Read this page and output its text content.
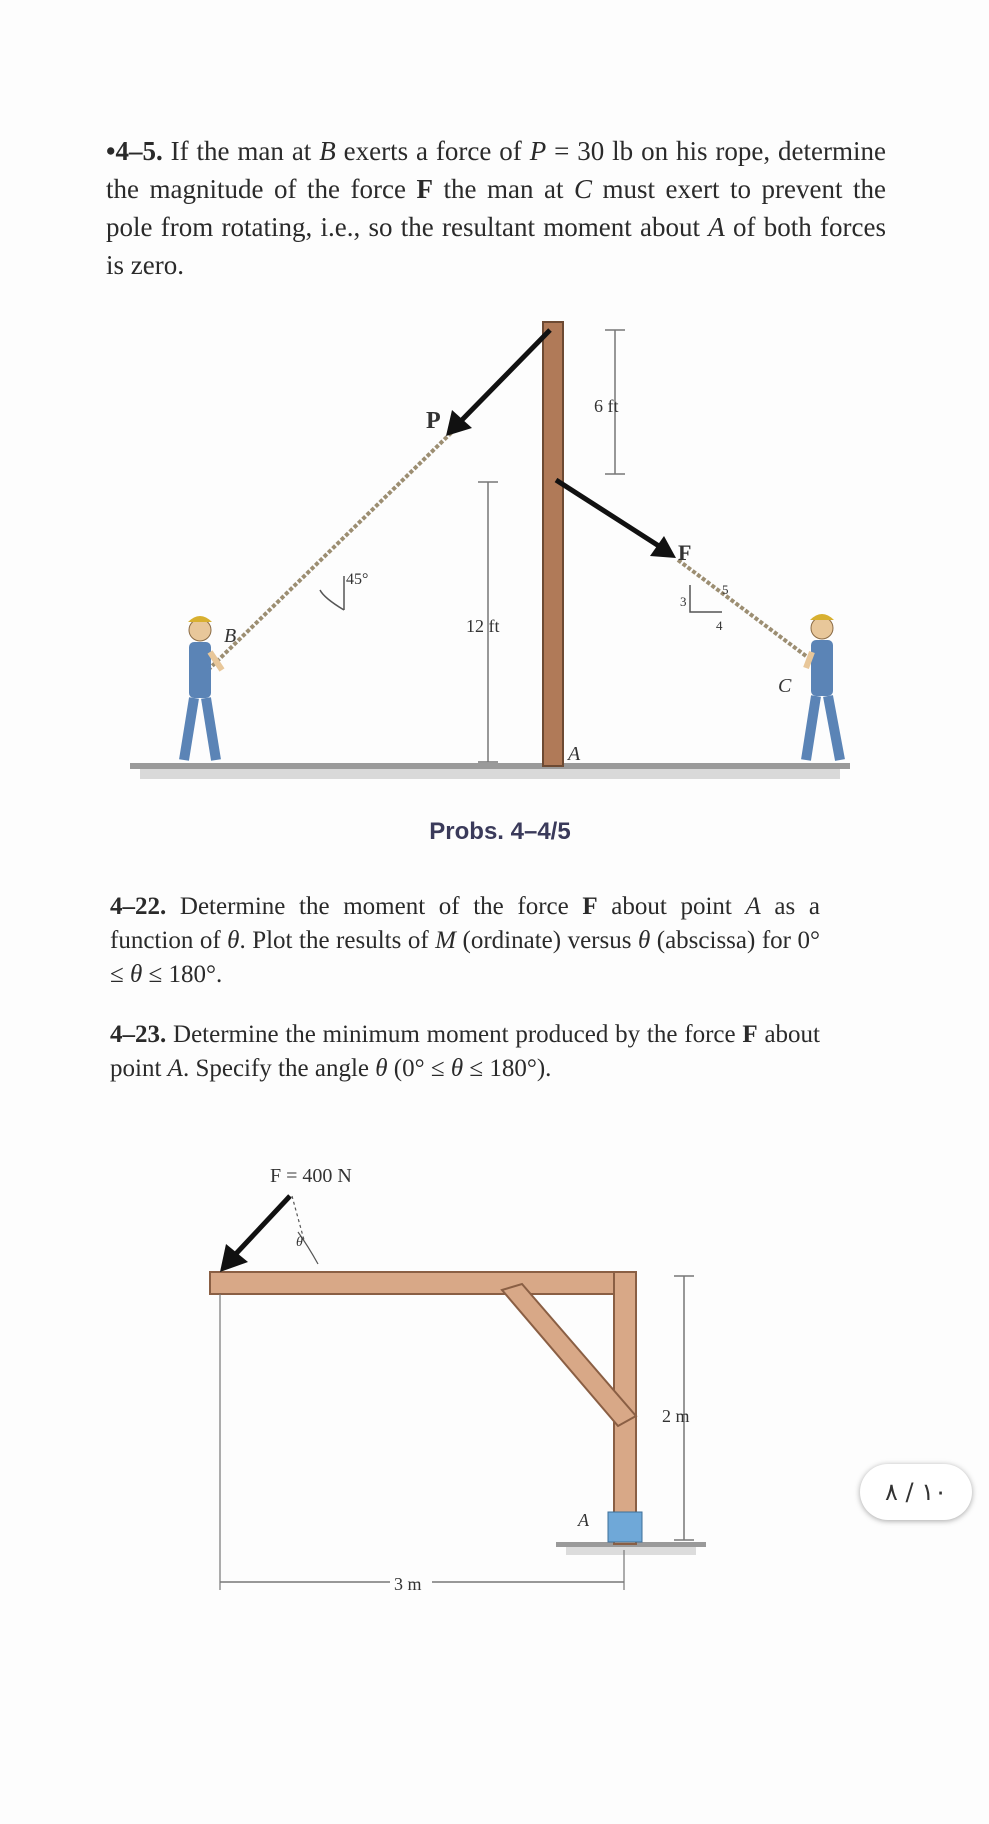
•4–5. If the man at B exerts a force of P = 30 lb on his rope, determine the magnitude of the force F the man at C must exert to prevent the pole from rotating, i.e., so the resultant moment about A of both forces is zero.
P
F
B
C
A
6 ft
12 ft
45°
3
4
5
F = 400 N
θ
A
2 m
3 m
Probs. 4–4/5
4–22. Determine the moment of the force F about point A as a function of θ. Plot the results of M (ordinate) versus θ (abscissa) for 0° ≤ θ ≤ 180°.
4–23. Determine the minimum moment produced by the force F about point A. Specify the angle θ (0° ≤ θ ≤ 180°).
١٠ / ٨
